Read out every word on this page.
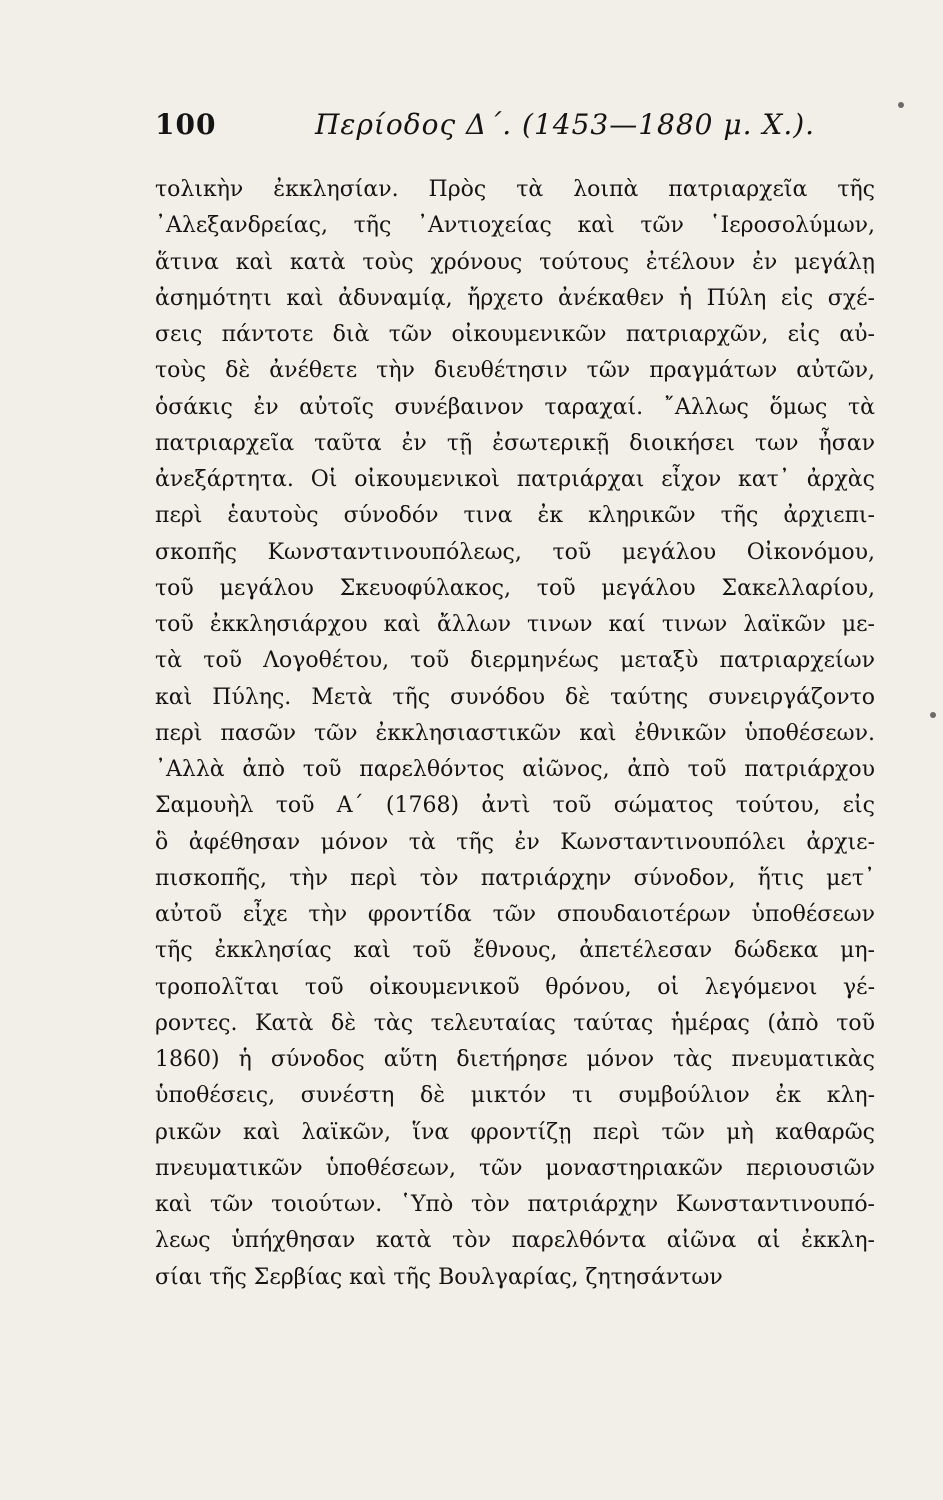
100	Περίοδος Δ΄. (1453—1880 μ. Χ.).
τολικὴν ἐκκλησίαν. Πρὸς τὰ λοιπὰ πατριαρχεῖα τῆς
᾿Αλεξανδρείας, τῆς ᾿Αντιοχείας καὶ τῶν ῾Ιεροσολύμων,
ἅτινα καὶ κατὰ τοὺς χρόνους τούτους ἐτέλουν ἐν μεγάλῃ
ἀσημότητι καὶ ἀδυναμίᾳ, ἤρχετο ἀνέκαθεν ἡ Πύλη εἰς σχέ-
σεις πάντοτε διὰ τῶν οἰκουμενικῶν πατριαρχῶν, εἰς αὐ-
τοὺς δὲ ἀνέθετε τὴν διευθέτησιν τῶν πραγμάτων αὐτῶν,
ὁσάκις ἐν αὐτοῖς συνέβαινον ταραχαί. ῎Αλλως ὅμως τὰ
πατριαρχεῖα ταῦτα ἐν τῇ ἐσωτερικῇ διοικήσει των ἦσαν
ἀνεξάρτητα. Οἱ οἰκουμενικοὶ πατριάρχαι εἶχον κατ᾿ ἀρχὰς
περὶ ἑαυτοὺς σύνοδόν τινα ἐκ κληρικῶν τῆς ἀρχιεπι-
σκοπῆς Κωνσταντινουπόλεως, τοῦ μεγάλου Οἰκονόμου,
τοῦ μεγάλου Σκευοφύλακος, τοῦ μεγάλου Σακελλαρίου,
τοῦ ἐκκλησιάρχου καὶ ἄλλων τινων καί τινων λαϊκῶν με-
τὰ τοῦ Λογοθέτου, τοῦ διερμηνέως μεταξὺ πατριαρχείων
καὶ Πύλης. Μετὰ τῆς συνόδου δὲ ταύτης συνειργάζοντο
περὶ πασῶν τῶν ἐκκλησιαστικῶν καὶ ἐθνικῶν ὑποθέσεων.
᾿Αλλὰ ἀπὸ τοῦ παρελθόντος αἰῶνος, ἀπὸ τοῦ πατριάρχου
Σαμουὴλ τοῦ Α΄ (1768) ἀντὶ τοῦ σώματος τούτου, εἰς
ὃ ἀφέθησαν μόνον τὰ τῆς ἐν Κωνσταντινουπόλει ἀρχιε-
πισκοπῆς, τὴν περὶ τὸν πατριάρχην σύνοδον, ἥτις μετ᾿
αὐτοῦ εἶχε τὴν φροντίδα τῶν σπουδαιοτέρων ὑποθέσεων
τῆς ἐκκλησίας καὶ τοῦ ἔθνους, ἀπετέλεσαν δώδεκα μη-
τροπολῖται τοῦ οἰκουμενικοῦ θρόνου, οἱ λεγόμενοι γέ-
ροντες. Κατὰ δὲ τὰς τελευταίας ταύτας ἡμέρας (ἀπὸ τοῦ
1860) ἡ σύνοδος αὕτη διετήρησε μόνον τὰς πνευματικὰς
ὑποθέσεις, συνέστη δὲ μικτόν τι συμβούλιον ἐκ κλη-
ρικῶν καὶ λαϊκῶν, ἵνα φροντίζῃ περὶ τῶν μὴ καθαρῶς
πνευματικῶν ὑποθέσεων, τῶν μοναστηριακῶν περιουσιῶν
καὶ τῶν τοιούτων. ῾Υπὸ τὸν πατριάρχην Κωνσταντινουπό-
λεως ὑπήχθησαν κατὰ τὸν παρελθόντα αἰῶνα αἱ ἐκκλη-
σίαι τῆς Σερβίας καὶ τῆς Βουλγαρίας, ζητησάντων
